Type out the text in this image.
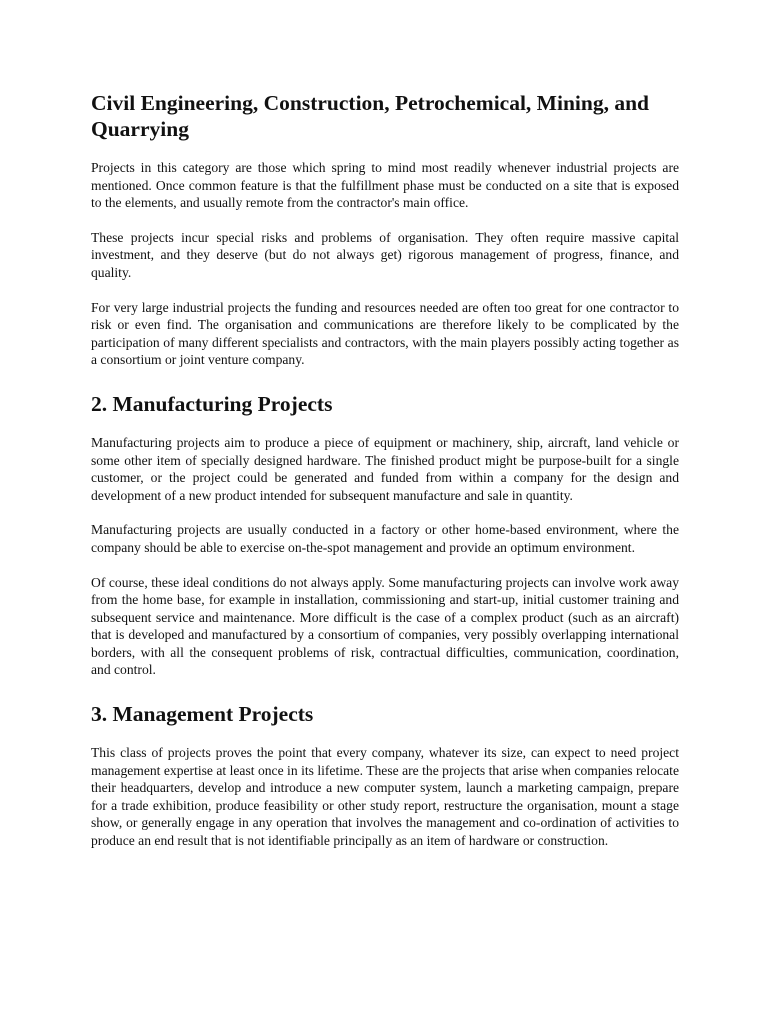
Civil Engineering, Construction, Petrochemical, Mining, and Quarrying

Projects in this category are those which spring to mind most readily whenever industrial projects are mentioned. Once common feature is that the fulfillment phase must be conducted on a site that is exposed to the elements, and usually remote from the contractor's main office.

These projects incur special risks and problems of organisation. They often require massive capital investment, and they deserve (but do not always get) rigorous management of progress, finance, and quality.

For very large industrial projects the funding and resources needed are often too great for one contractor to risk or even find. The organisation and communications are therefore likely to be complicated by the participation of many different specialists and contractors, with the main players possibly acting together as a consortium or joint venture company.

2. Manufacturing Projects

Manufacturing projects aim to produce a piece of equipment or machinery, ship, aircraft, land vehicle or some other item of specially designed hardware. The finished product might be purpose-built for a single customer, or the project could be generated and funded from within a company for the design and development of a new product intended for subsequent manufacture and sale in quantity.

Manufacturing projects are usually conducted in a factory or other home-based environment, where the company should be able to exercise on-the-spot management and provide an optimum environment.

Of course, these ideal conditions do not always apply. Some manufacturing projects can involve work away from the home base, for example in installation, commissioning and start-up, initial customer training and subsequent service and maintenance. More difficult is the case of a complex product (such as an aircraft) that is developed and manufactured by a consortium of companies, very possibly overlapping international borders, with all the consequent problems of risk, contractual difficulties, communication, coordination, and control.

3. Management Projects

This class of projects proves the point that every company, whatever its size, can expect to need project management expertise at least once in its lifetime. These are the projects that arise when companies relocate their headquarters, develop and introduce a new computer system, launch a marketing campaign, prepare for a trade exhibition, produce feasibility or other study report, restructure the organisation, mount a stage show, or generally engage in any operation that involves the management and co-ordination of activities to produce an end result that is not identifiable principally as an item of hardware or construction.
